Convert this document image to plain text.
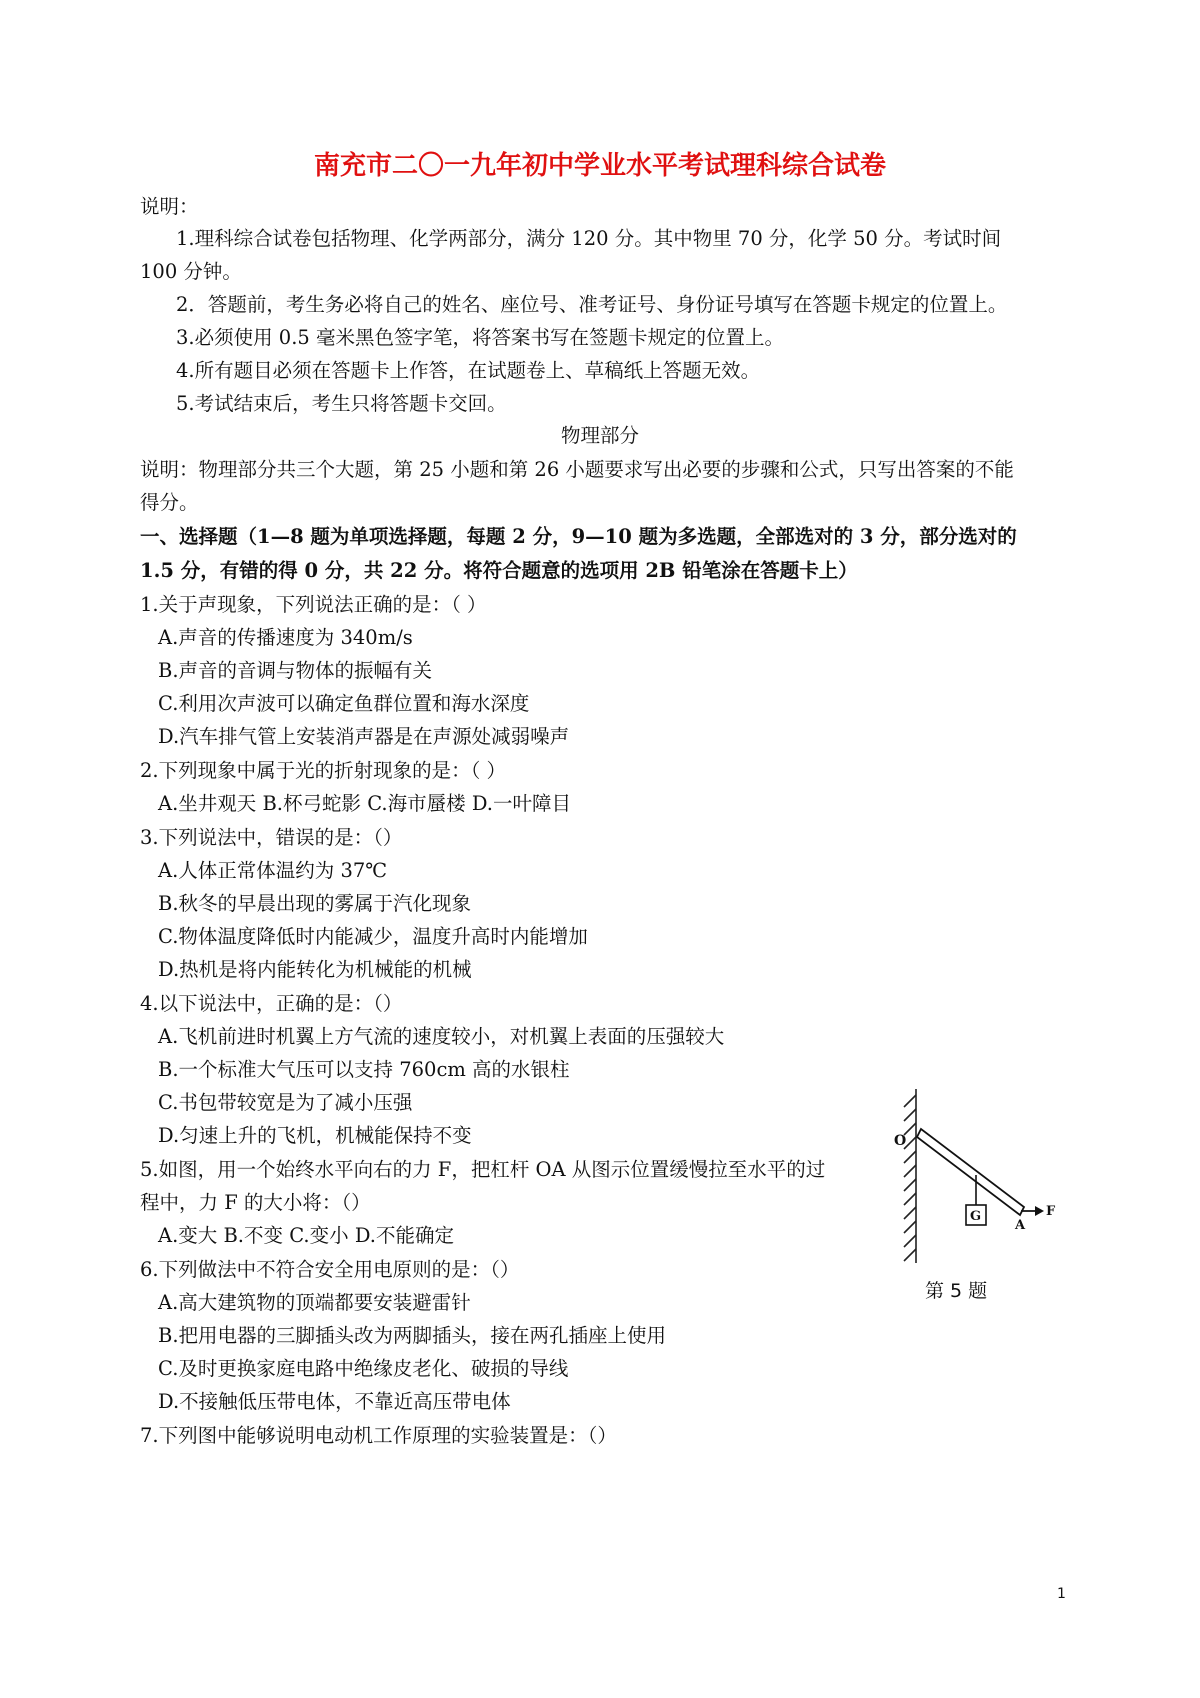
南充市二〇一九年初中学业水平考试理科综合试卷
说明：
1.理科综合试卷包括物理、化学两部分，满分 120 分。其中物里 70 分，化学 50 分。考试时间
100 分钟。
2．答题前，考生务必将自己的姓名、座位号、准考证号、身份证号填写在答题卡规定的位置上。
3.必须使用 0.5 毫米黑色签字笔，将答案书写在签题卡规定的位置上。
4.所有题目必须在答题卡上作答，在试题卷上、草稿纸上答题无效。
5.考试结束后，考生只将答题卡交回。
物理部分
说明：物理部分共三个大题，第 25 小题和第 26 小题要求写出必要的步骤和公式，只写出答案的不能
得分。
一、选择题（1—8 题为单项选择题，每题 2 分，9—10 题为多选题，全部选对的 3 分，部分选对的
1.5 分，有错的得 0 分，共 22 分。将符合题意的选项用 2B 铅笔涂在答题卡上）
1.关于声现象，下列说法正确的是：（ ）
A.声音的传播速度为 340m/s
B.声音的音调与物体的振幅有关
C.利用次声波可以确定鱼群位置和海水深度
D.汽车排气管上安装消声器是在声源处减弱噪声
2.下列现象中属于光的折射现象的是：（ ）
A.坐井观天 B.杯弓蛇影 C.海市蜃楼 D.一叶障目
3.下列说法中，错误的是：（）
A.人体正常体温约为 37℃
B.秋冬的早晨出现的雾属于汽化现象
C.物体温度降低时内能减少，温度升高时内能增加
D.热机是将内能转化为机械能的机械
4.以下说法中，正确的是：（）
A.飞机前进时机翼上方气流的速度较小，对机翼上表面的压强较大
B.一个标准大气压可以支持 760cm 高的水银柱
C.书包带较宽是为了减小压强
D.匀速上升的飞机，机械能保持不变
5.如图，用一个始终水平向右的力 F，把杠杆 OA 从图示位置缓慢拉至水平的过
程中，力 F 的大小将：（）
A.变大 B.不变 C.变小 D.不能确定
O
G
A
F
第 5 题
6.下列做法中不符合安全用电原则的是：（）
A.高大建筑物的顶端都要安装避雷针
B.把用电器的三脚插头改为两脚插头，接在两孔插座上使用
C.及时更换家庭电路中绝缘皮老化、破损的导线
D.不接触低压带电体，不靠近高压带电体
7.下列图中能够说明电动机工作原理的实验装置是：（）
1
